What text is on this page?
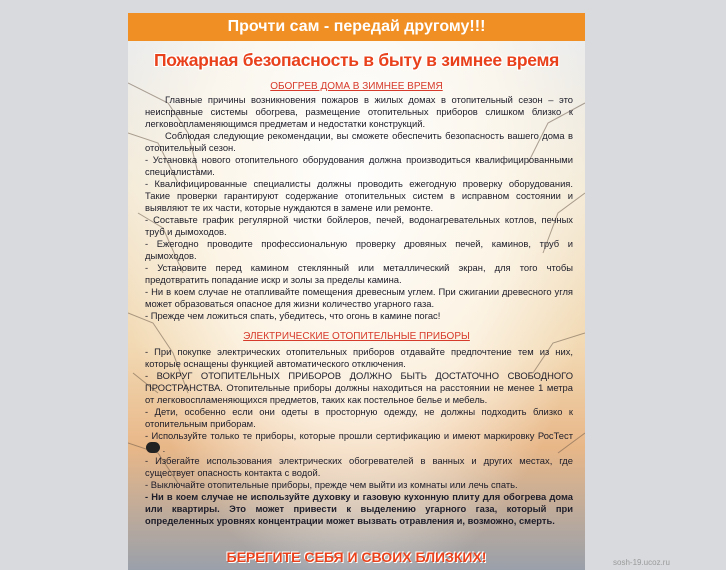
Прочти сам - передай другому!!!
Пожарная безопасность в быту в зимнее время
ОБОГРЕВ ДОМА В ЗИМНЕЕ ВРЕМЯ

Главные причины возникновения пожаров в жилых домах в отопительный сезон – это неисправные системы обогрева, размещение отопительных приборов слишком близко к легковоспламеняющимся предметам и недостатки конструкций.

Соблюдая следующие рекомендации, вы сможете обеспечить безопасность вашего дома в отопительный сезон.

- Установка нового отопительного оборудования должна производиться квалифицированными специалистами.

- Квалифицированные специалисты должны проводить ежегодную проверку оборудования. Такие проверки гарантируют содержание отопительных систем в исправном состоянии и выявляют те их части, которые нуждаются в замене или ремонте.

- Составьте график регулярной чистки бойлеров, печей, водонагревательных котлов, печных труб и дымоходов.

- Ежегодно проводите профессиональную проверку дровяных печей, каминов, труб и дымоходов.

- Установите перед камином стеклянный или металлический экран, для того чтобы предотвратить попадание искр и золы за пределы камина.

- Ни в коем случае не отапливайте помещения древесным углем. При сжигании древесного угля может образоваться опасное для жизни количество угарного газа.

- Прежде чем ложиться спать, убедитесь, что огонь в камине погас!

ЭЛЕКТРИЧЕСКИЕ ОТОПИТЕЛЬНЫЕ ПРИБОРЫ

- При покупке электрических отопительных приборов отдавайте предпочтение тем из них, которые оснащены функцией автоматического отключения.

- ВОКРУГ ОТОПИТЕЛЬНЫХ ПРИБОРОВ ДОЛЖНО БЫТЬ ДОСТАТОЧНО СВОБОДНОГО ПРОСТРАНСТВА. Отопительные приборы должны находиться на расстоянии не менее 1 метра от легковоспламеняющихся предметов, таких как постельное белье и мебель.

- Дети, особенно если они одеты в просторную одежду, не должны подходить близко к отопительным приборам.

- Используйте только те приборы, которые прошли сертификацию и имеют маркировку РосТест .

- Избегайте использования электрических обогревателей в ванных и других местах, где существует опасность контакта с водой.

- Выключайте отопительные приборы, прежде чем выйти из комнаты или лечь спать.

- Ни в коем случае не используйте духовку и газовую кухонную плиту для обогрева дома или квартиры. Это может привести к выделению угарного газа, который при определенных уровнях концентрации может вызвать отравления и, возможно, смерть.

БЕРЕГИТЕ СЕБЯ И СВОИХ БЛИЗКИХ!	sosh-19.ucoz.ru
